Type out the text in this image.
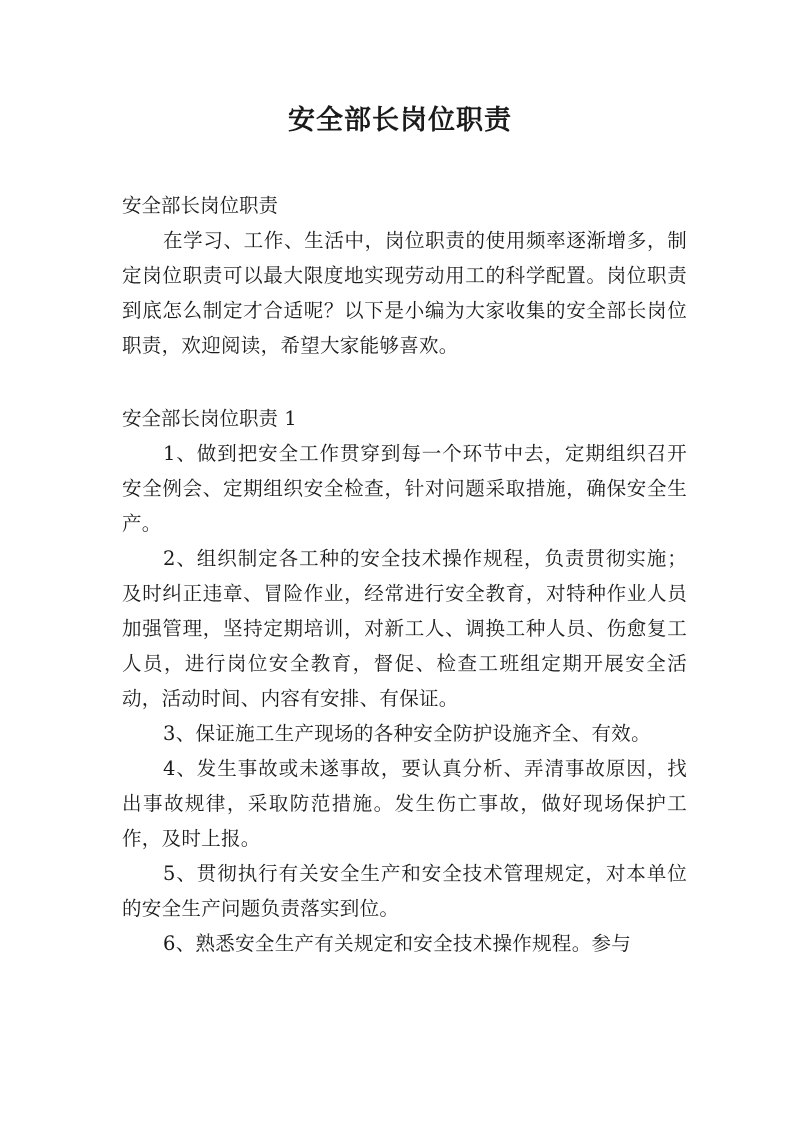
安全部长岗位职责

安全部长岗位职责

在学习、工作、生活中，岗位职责的使用频率逐渐增多，制定岗位职责可以最大限度地实现劳动用工的科学配置。岗位职责到底怎么制定才合适呢？以下是小编为大家收集的安全部长岗位职责，欢迎阅读，希望大家能够喜欢。

安全部长岗位职责 1

1、做到把安全工作贯穿到每一个环节中去，定期组织召开安全例会、定期组织安全检查，针对问题采取措施，确保安全生产。

2、组织制定各工种的安全技术操作规程，负责贯彻实施；及时纠正违章、冒险作业，经常进行安全教育，对特种作业人员加强管理，坚持定期培训，对新工人、调换工种人员、伤愈复工人员，进行岗位安全教育，督促、检查工班组定期开展安全活动，活动时间、内容有安排、有保证。

3、保证施工生产现场的各种安全防护设施齐全、有效。

4、发生事故或未遂事故，要认真分析、弄清事故原因，找出事故规律，采取防范措施。发生伤亡事故，做好现场保护工作，及时上报。

5、贯彻执行有关安全生产和安全技术管理规定，对本单位的安全生产问题负责落实到位。

6、熟悉安全生产有关规定和安全技术操作规程。参与
